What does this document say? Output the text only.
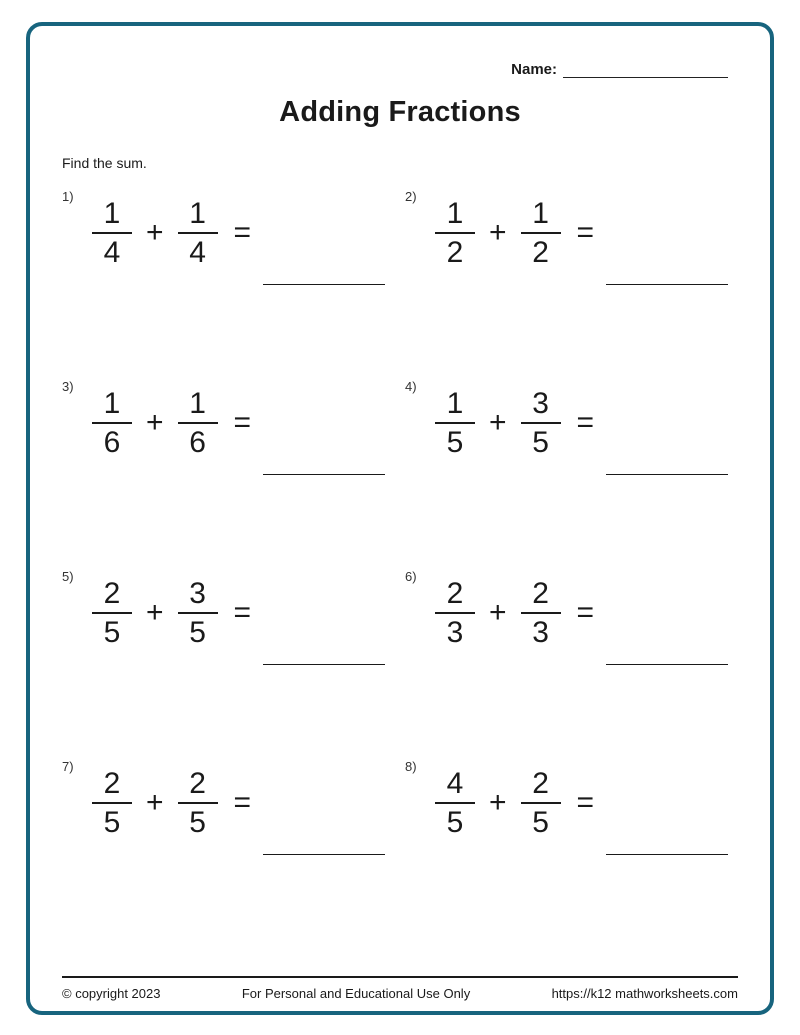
Name:
Adding Fractions
Find the sum.
1)
$\frac{1}{4} + \frac{1}{4}$ =
2)
$\frac{1}{2} + \frac{1}{2}$ =
3)
$\frac{1}{6} + \frac{1}{6}$ =
4)
$\frac{1}{5} + \frac{3}{5}$ =
5)
$\frac{2}{5} + \frac{3}{5}$ =
6)
$\frac{2}{3} + \frac{2}{3}$ =
7)
$\frac{2}{5} + \frac{2}{5}$ =
8)
$\frac{4}{5} + \frac{2}{5}$ =
© copyright 2023	For Personal and Educational Use Only	https://k12 mathworksheets.com
